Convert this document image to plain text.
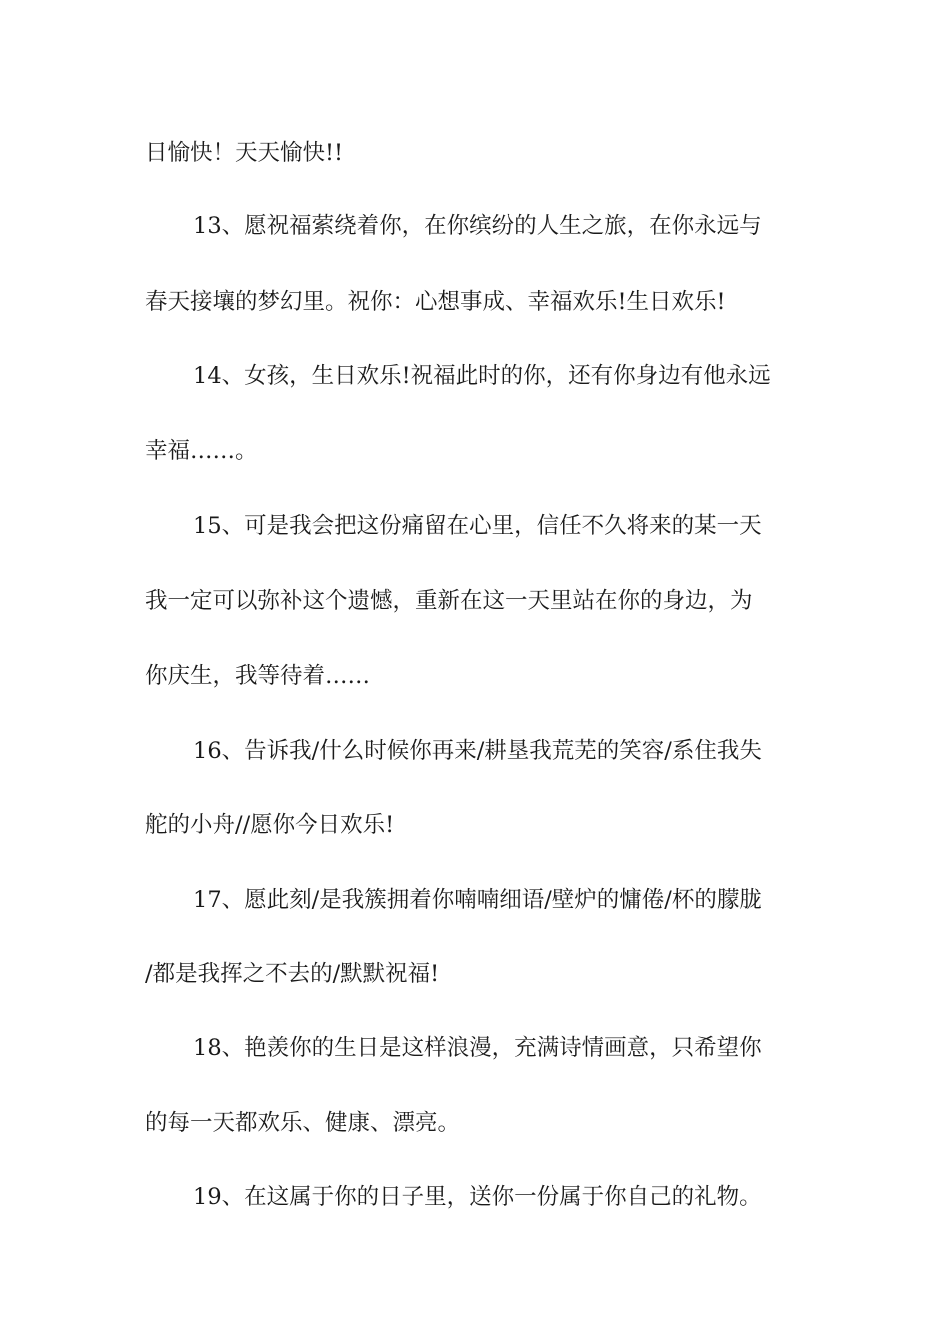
日愉快！天天愉快!!
13、愿祝福萦绕着你，在你缤纷的人生之旅，在你永远与
春天接壤的梦幻里。祝你：心想事成、幸福欢乐!生日欢乐!
14、女孩，生日欢乐!祝福此时的你，还有你身边有他永远
幸福……。
15、可是我会把这份痛留在心里，信任不久将来的某一天
我一定可以弥补这个遗憾，重新在这一天里站在你的身边，为
你庆生，我等待着……
16、告诉我/什么时候你再来/耕垦我荒芜的笑容/系住我失
舵的小舟//愿你今日欢乐!
17、愿此刻/是我簇拥着你喃喃细语/壁炉的慵倦/杯的朦胧
/都是我挥之不去的/默默祝福!
18、艳羡你的生日是这样浪漫，充满诗情画意，只希望你
的每一天都欢乐、健康、漂亮。
19、在这属于你的日子里，送你一份属于你自己的礼物。
